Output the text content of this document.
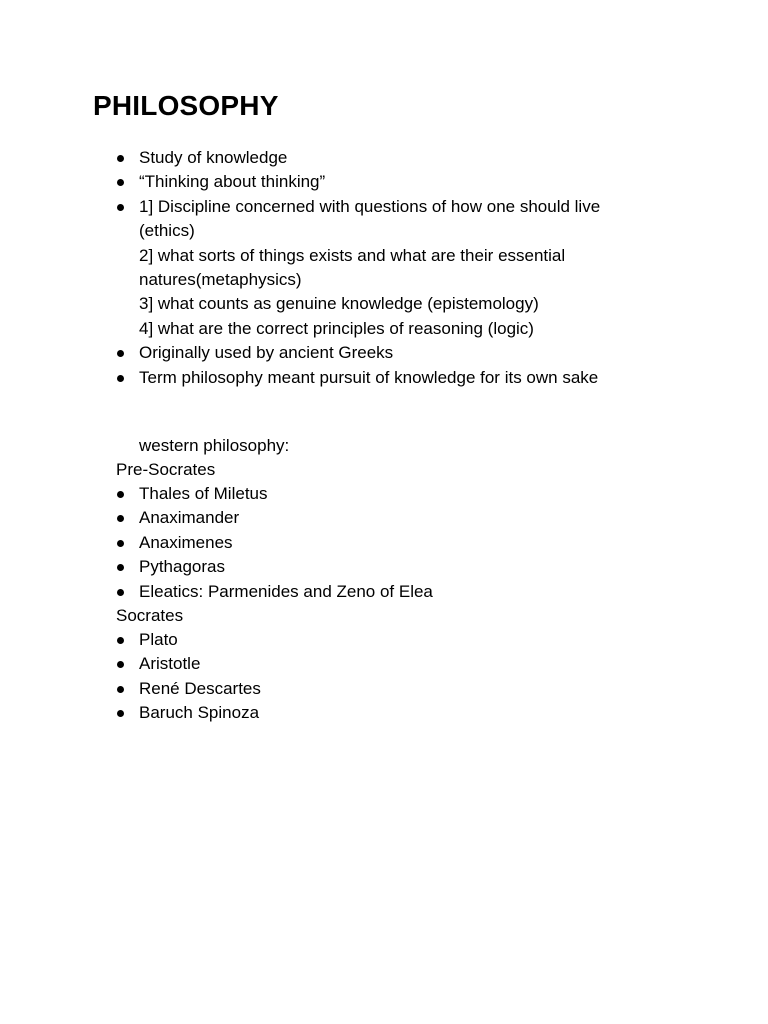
PHILOSOPHY
Study of knowledge
“Thinking about thinking”
1] Discipline concerned with questions of how one should live
(ethics)
2] what sorts of things exists and what are their essential
natures(metaphysics)
3] what counts as genuine knowledge (epistemology)
4] what are the correct principles of reasoning (logic)
Originally used by ancient Greeks
Term philosophy meant pursuit of knowledge for its own sake
western philosophy:
Pre-Socrates
Thales of Miletus
Anaximander
Anaximenes
Pythagoras
Eleatics: Parmenides and Zeno of Elea
Socrates
Plato
Aristotle
René Descartes
Baruch Spinoza
